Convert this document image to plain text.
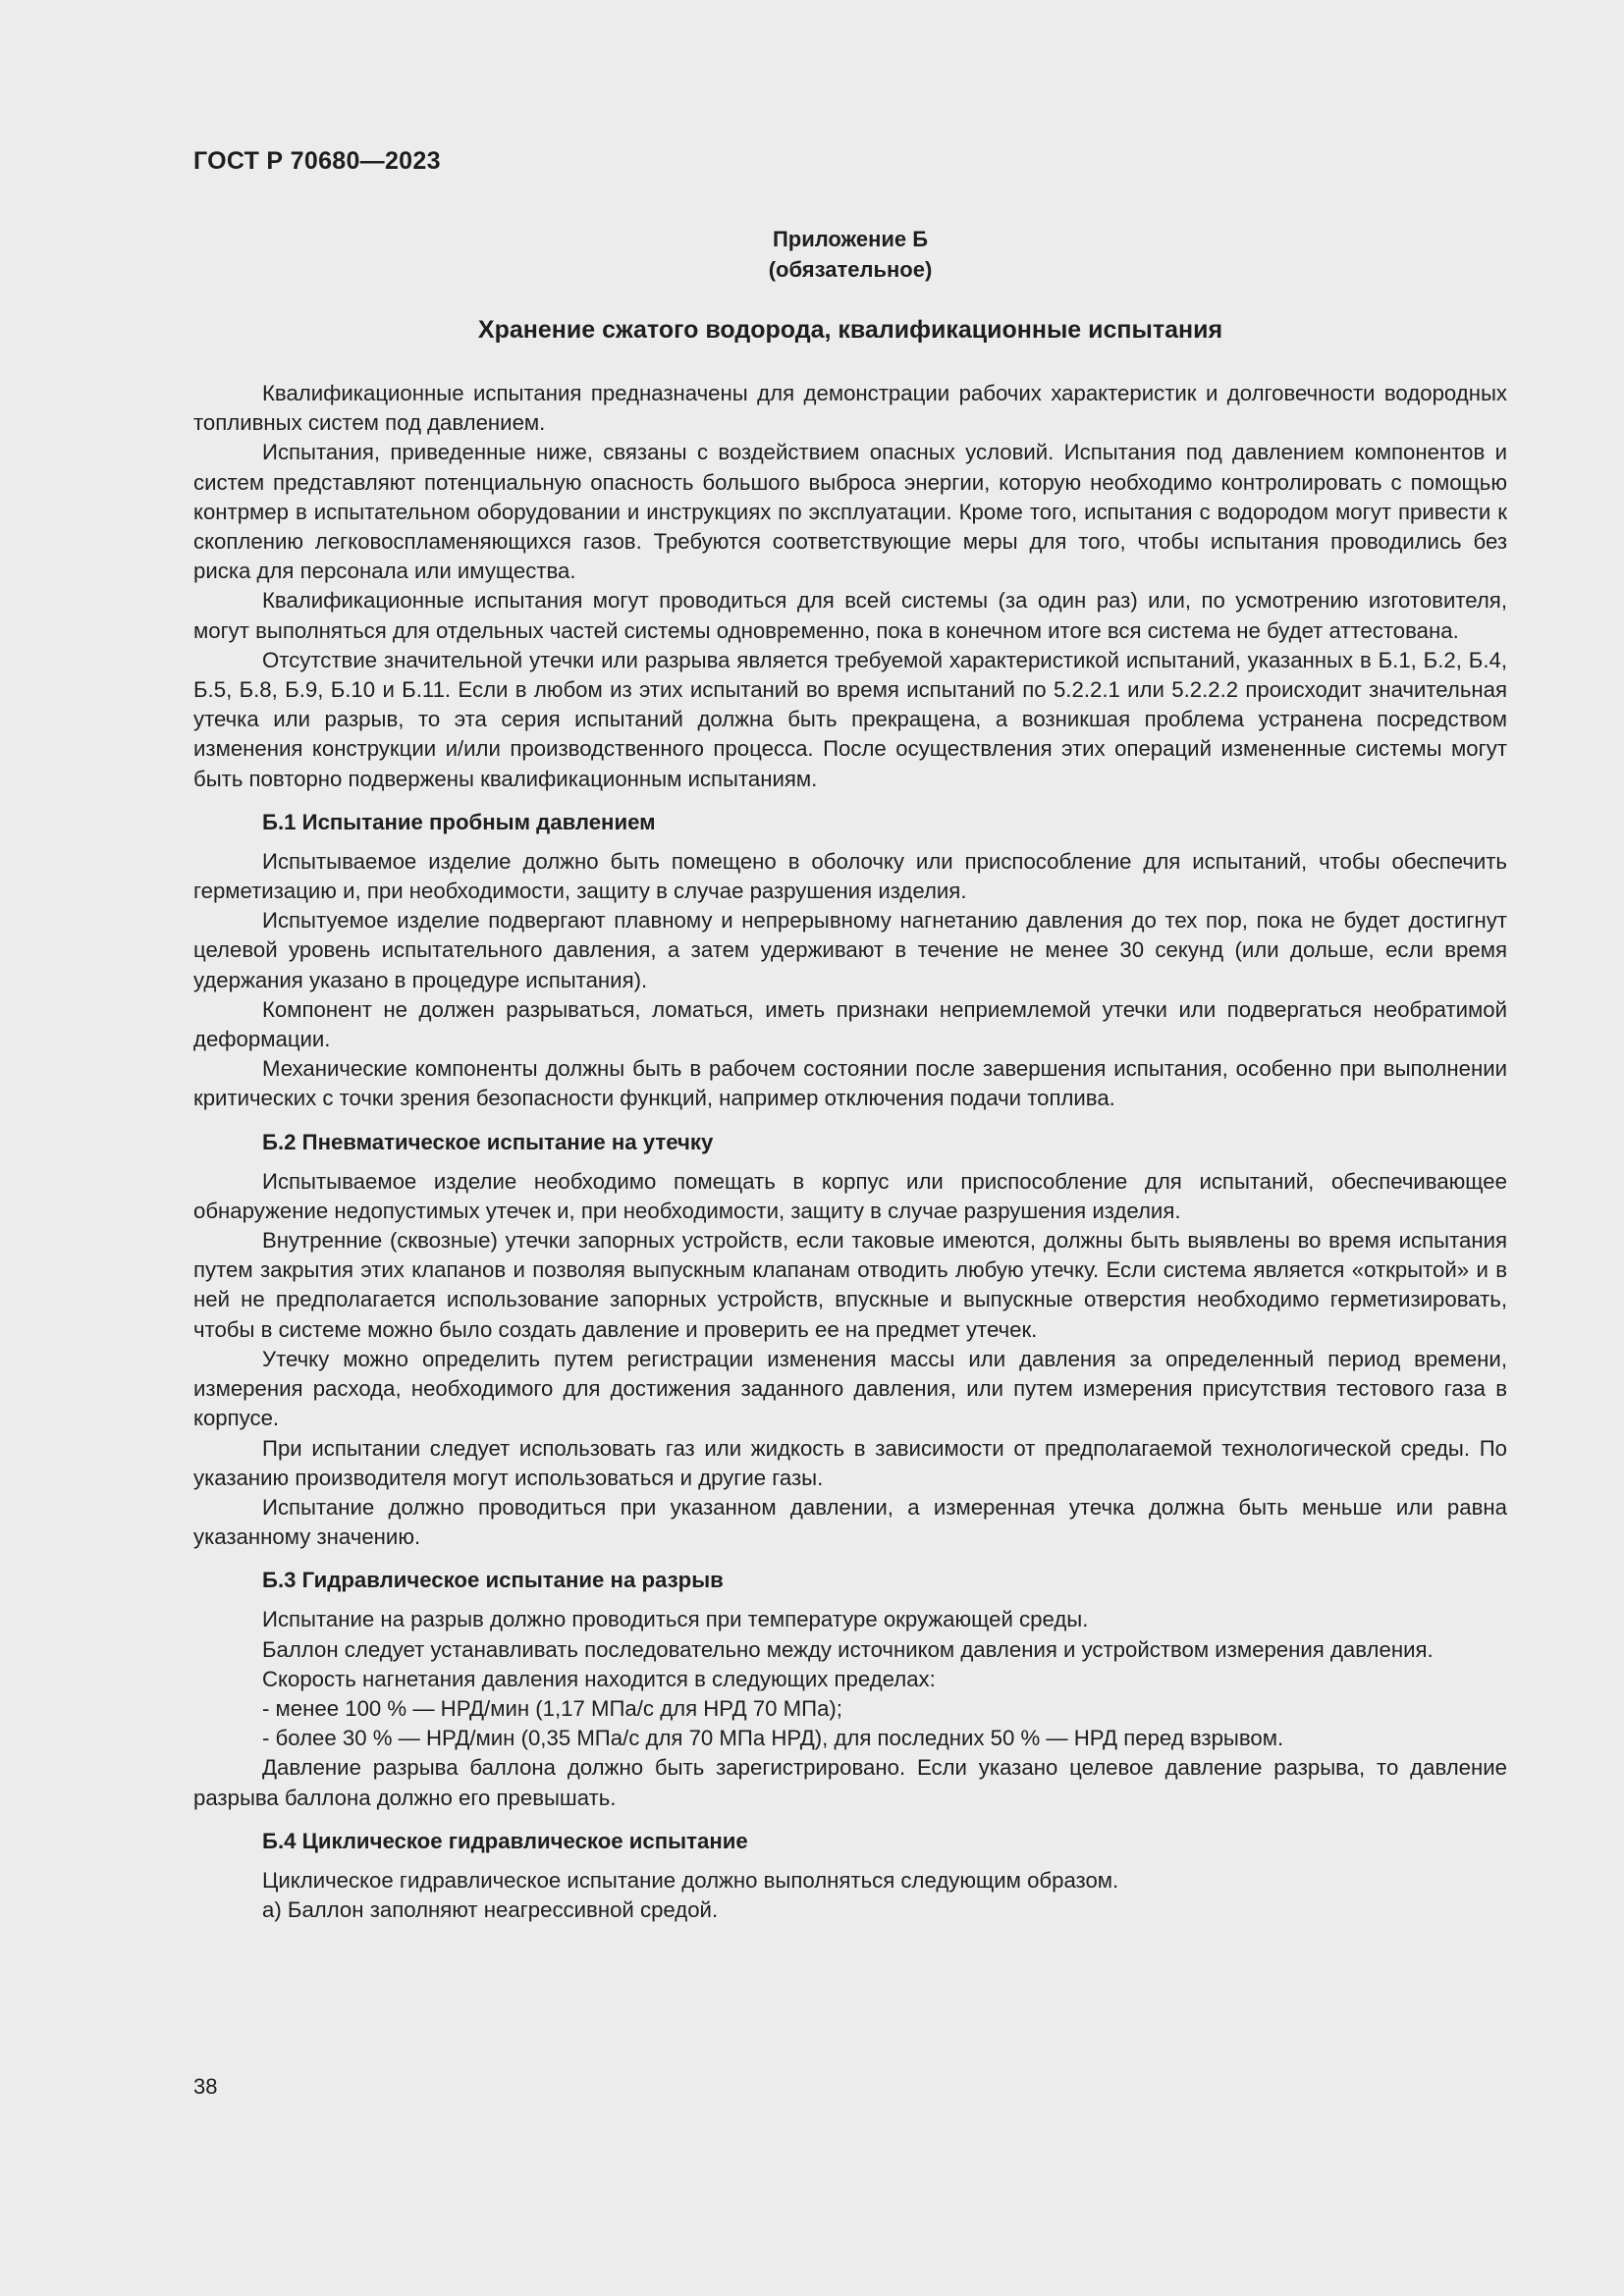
ГОСТ Р 70680—2023
Приложение Б
(обязательное)
Хранение сжатого водорода, квалификационные испытания

Квалификационные испытания предназначены для демонстрации рабочих характеристик и долговечности водородных топливных систем под давлением.

Испытания, приведенные ниже, связаны с воздействием опасных условий. Испытания под давлением компонентов и систем представляют потенциальную опасность большого выброса энергии, которую необходимо контролировать с помощью контрмер в испытательном оборудовании и инструкциях по эксплуатации. Кроме того, испытания с водородом могут привести к скоплению легковоспламеняющихся газов. Требуются соответствующие меры для того, чтобы испытания проводились без риска для персонала или имущества.

Квалификационные испытания могут проводиться для всей системы (за один раз) или, по усмотрению изготовителя, могут выполняться для отдельных частей системы одновременно, пока в конечном итоге вся система не будет аттестована.

Отсутствие значительной утечки или разрыва является требуемой характеристикой испытаний, указанных в Б.1, Б.2, Б.4, Б.5, Б.8, Б.9, Б.10 и Б.11. Если в любом из этих испытаний во время испытаний по 5.2.2.1 или 5.2.2.2 происходит значительная утечка или разрыв, то эта серия испытаний должна быть прекращена, а возникшая проблема устранена посредством изменения конструкции и/или производственного процесса. После осуществления этих операций измененные системы могут быть повторно подвержены квалификационным испытаниям.

Б.1 Испытание пробным давлением

Испытываемое изделие должно быть помещено в оболочку или приспособление для испытаний, чтобы обеспечить герметизацию и, при необходимости, защиту в случае разрушения изделия.

Испытуемое изделие подвергают плавному и непрерывному нагнетанию давления до тех пор, пока не будет достигнут целевой уровень испытательного давления, а затем удерживают в течение не менее 30 секунд (или дольше, если время удержания указано в процедуре испытания).

Компонент не должен разрываться, ломаться, иметь признаки неприемлемой утечки или подвергаться необратимой деформации.

Механические компоненты должны быть в рабочем состоянии после завершения испытания, особенно при выполнении критических с точки зрения безопасности функций, например отключения подачи топлива.

Б.2 Пневматическое испытание на утечку

Испытываемое изделие необходимо помещать в корпус или приспособление для испытаний, обеспечивающее обнаружение недопустимых утечек и, при необходимости, защиту в случае разрушения изделия.

Внутренние (сквозные) утечки запорных устройств, если таковые имеются, должны быть выявлены во время испытания путем закрытия этих клапанов и позволяя выпускным клапанам отводить любую утечку. Если система является «открытой» и в ней не предполагается использование запорных устройств, впускные и выпускные отверстия необходимо герметизировать, чтобы в системе можно было создать давление и проверить ее на предмет утечек.

Утечку можно определить путем регистрации изменения массы или давления за определенный период времени, измерения расхода, необходимого для достижения заданного давления, или путем измерения присутствия тестового газа в корпусе.

При испытании следует использовать газ или жидкость в зависимости от предполагаемой технологической среды. По указанию производителя могут использоваться и другие газы.

Испытание должно проводиться при указанном давлении, а измеренная утечка должна быть меньше или равна указанному значению.

Б.3 Гидравлическое испытание на разрыв

Испытание на разрыв должно проводиться при температуре окружающей среды.

Баллон следует устанавливать последовательно между источником давления и устройством измерения давления.

Скорость нагнетания давления находится в следующих пределах:

- менее 100 % — НРД/мин (1,17 МПа/с для НРД 70 МПа);

- более 30 % — НРД/мин (0,35 МПа/с для 70 МПа НРД), для последних 50 % — НРД перед взрывом.

Давление разрыва баллона должно быть зарегистрировано. Если указано целевое давление разрыва, то давление разрыва баллона должно его превышать.

Б.4 Циклическое гидравлическое испытание

Циклическое гидравлическое испытание должно выполняться следующим образом.

а) Баллон заполняют неагрессивной средой.

38
